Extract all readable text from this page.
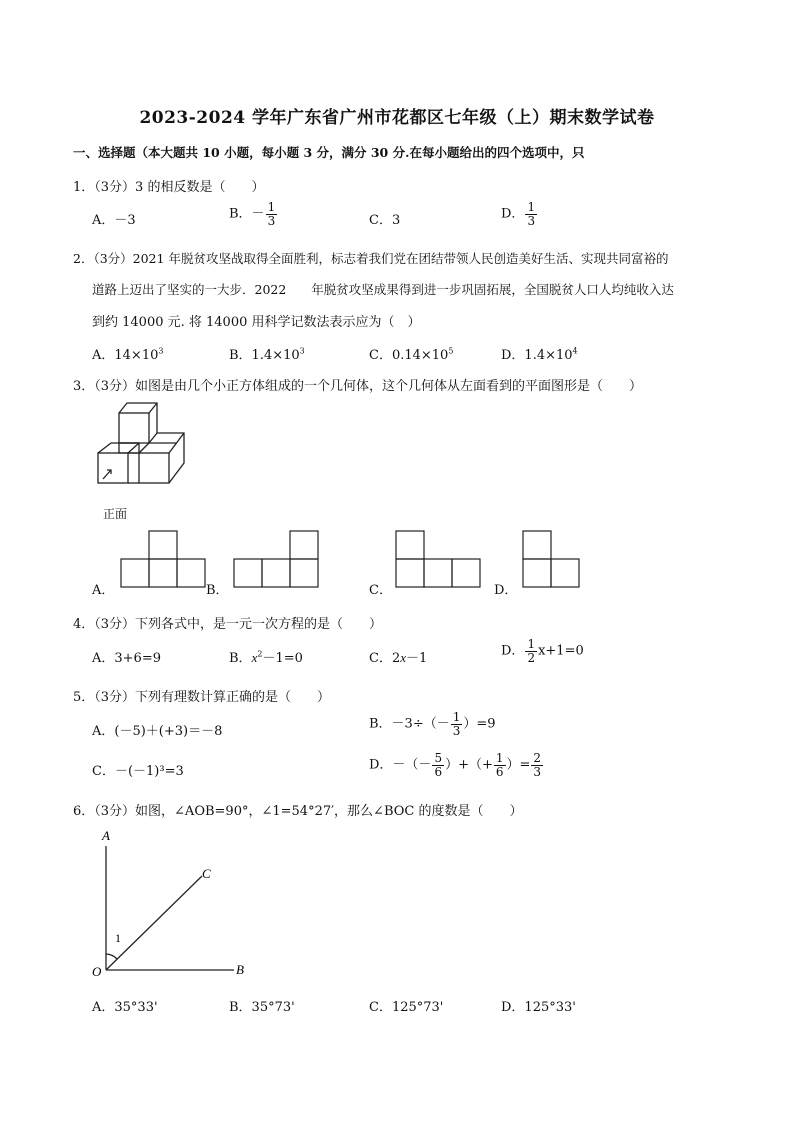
2023-2024 学年广东省广州市花都区七年级（上）期末数学试卷
一、选择题（本大题共 10 小题，每小题 3 分，满分 30 分.在每小题给出的四个选项中，只
1．（3分）3 的相反数是（　　）
A．－3	B．－ $\frac{1}{3}$	C．3	D． $\frac{1}{3}$
2．（3分）2021 年脱贫攻坚战取得全面胜利，标志着我们党在团结带领人民创造美好生活、实现共同富裕的
道路上迈出了坚实的一大步．2022　　年脱贫攻坚成果得到进一步巩固拓展，全国脱贫人口人均纯收入达
到约 14000 元. 将 14000 用科学记数法表示应为（　）
A．$14\times 10^3$	B．$1.4\times 10^3$	C．$0.14\times 10^5$	D．$1.4\times 10^4$
3．（3分）如图是由几个小正方体组成的一个几何体，这个几何体从左面看到的平面图形是（　　）
正面
A．	B．	C．	D．
4．（3分）下列各式中，是一元一次方程的是（　　）
A．3+6=9	B．$x^2-1=0$	C．2x－1	D． $\frac{1}{2} x+1=0$
5．（3分）下列有理数计算正确的是（　　）
A．(－5)＋(+3)＝－8	B．$-3\div(- \frac{1}{3} )=9$
C．－(－1)³=3	D．－（－ $\frac{5}{6}$ ）+（+ $\frac{1}{6}$ ）= $\frac{2}{3}$
6．（3分）如图，∠AOB=90°，∠1=54°27′，那么∠BOC 的度数是（　　）
A
B
C
O
1
A．35°33'	B．35°73'	C．125°73'	D．125°33'
